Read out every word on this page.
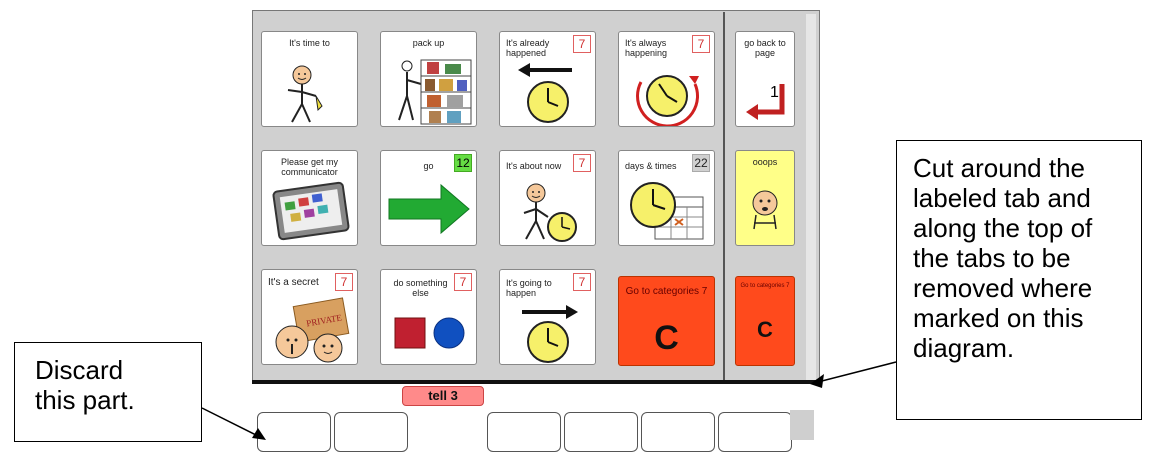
It's time to	pack up	It's already happened
7	It's always happening
7
Please get my communicator
go	12	It's about now	7	days & times	22
It's a secret	7
PRIVATE
do something else
7	It's going to happen
7
Go to categories 7
C
go back to page
1
ooops
Go to categories 7
C
tell 3
Discard
this part.
Cut around the
labeled tab and
along the top of
the tabs to be
removed where
marked on this
diagram.
